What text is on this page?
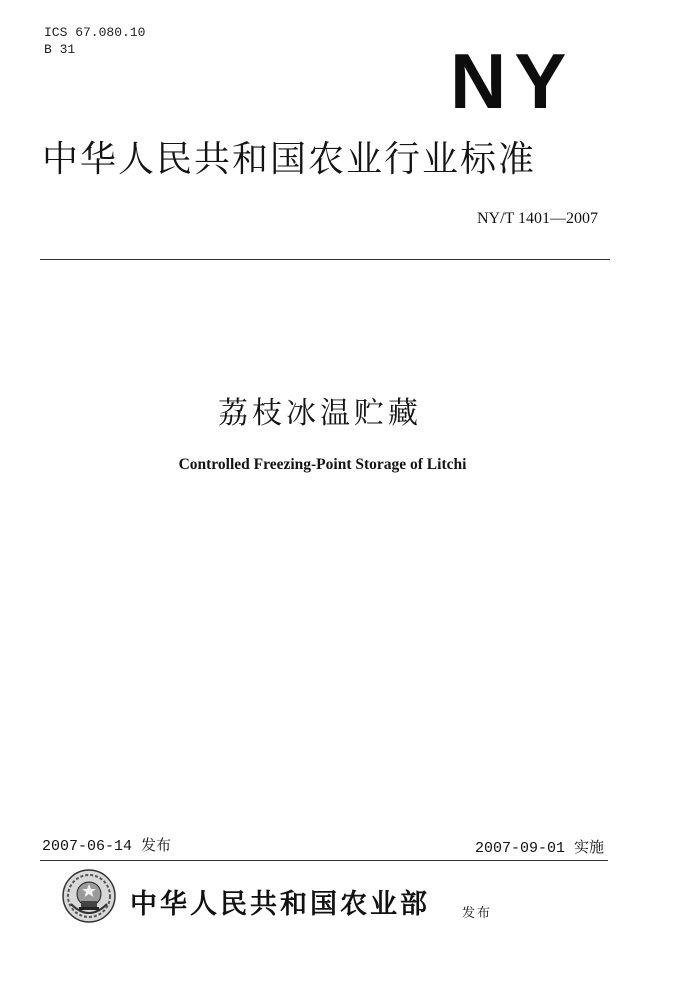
ICS 67.080.10
B 31	NY
中华人民共和国农业行业标准
NY/T 1401—2007
荔枝冰温贮藏
Controlled Freezing-Point Storage of Litchi
2007-06-14 发布	2007-09-01 实施
中华人民共和国农业部 发布
